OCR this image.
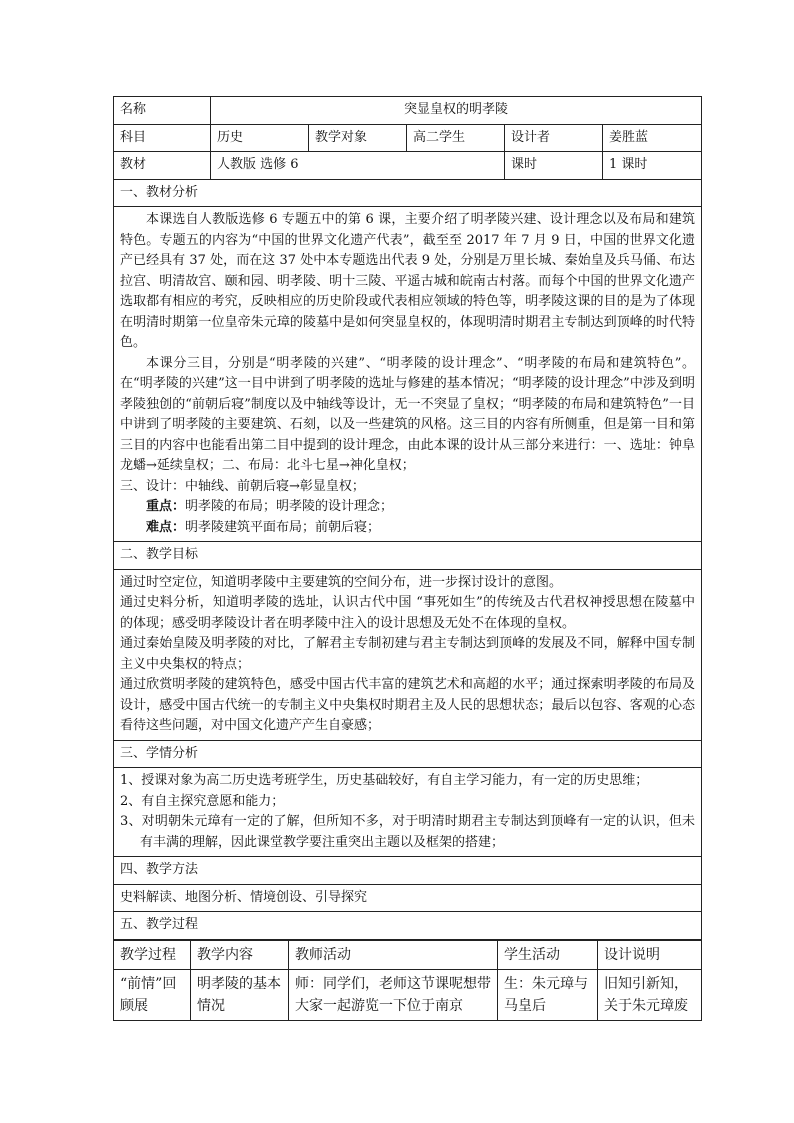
名称	突显皇权的明孝陵				
科目	历史	教学对象	高二学生	设计者	姜胜蓝
教材	人教版 选修 6			课时	1 课时
一、教材分析					

本课选自人教版选修 6 专题五中的第 6 课，主要介绍了明孝陵兴建、设计理念以及布局和建筑特色。专题五的内容为“中国的世界文化遗产代表”，截至至 2017 年 7 月 9 日，中国的世界文化遗产已经具有 37 处，而在这 37 处中本专题选出代表 9 处，分别是万里长城、秦始皇及兵马俑、布达拉宫、明清故宫、颐和园、明孝陵、明十三陵、平遥古城和皖南古村落。而每个中国的世界文化遗产选取都有相应的考究，反映相应的历史阶段或代表相应领域的特色等，明孝陵这课的目的是为了体现在明清时期第一位皇帝朱元璋的陵墓中是如何突显皇权的，体现明清时期君主专制达到顶峰的时代特色。

本课分三目，分别是“明孝陵的兴建”、“明孝陵的设计理念”、“明孝陵的布局和建筑特色”。在“明孝陵的兴建”这一目中讲到了明孝陵的选址与修建的基本情况；“明孝陵的设计理念”中涉及到明孝陵独创的“前朝后寝”制度以及中轴线等设计，无一不突显了皇权；“明孝陵的布局和建筑特色”一目中讲到了明孝陵的主要建筑、石刻，以及一些建筑的风格。这三目的内容有所侧重，但是第一目和第三目的内容中也能看出第二目中提到的设计理念，由此本课的设计从三部分来进行：一、选址：钟阜龙蟠→延续皇权；二、布局：北斗七星→神化皇权；

三、设计：中轴线、前朝后寝→彰显皇权；

重点：明孝陵的布局；明孝陵的设计理念；

难点：明孝陵建筑平面布局；前朝后寝；					

二、教学目标					

通过时空定位，知道明孝陵中主要建筑的空间分布，进一步探讨设计的意图。

通过史料分析，知道明孝陵的选址，认识古代中国 “事死如生”的传统及古代君权神授思想在陵墓中的体现；感受明孝陵设计者在明孝陵中注入的设计思想及无处不在体现的皇权。

通过秦始皇陵及明孝陵的对比，了解君主专制初建与君主专制达到顶峰的发展及不同，解释中国专制主义中央集权的特点；

通过欣赏明孝陵的建筑特色，感受中国古代丰富的建筑艺术和高超的水平；通过探索明孝陵的布局及设计，感受中国古代统一的专制主义中央集权时期君主及人民的思想状态；最后以包容、客观的心态看待这些问题，对中国文化遗产产生自豪感；					

三、学情分析					

1、授课对象为高二历史选考班学生，历史基础较好，有自主学习能力，有一定的历史思维；

2、有自主探究意愿和能力；

3、对明朝朱元璋有一定的了解，但所知不多，对于明清时期君主专制达到顶峰有一定的认识，但未有丰满的理解，因此课堂教学要注重突出主题以及框架的搭建；					

四、教学方法					
史料解读、地图分析、情境创设、引导探究					
五、教学过程					
教学过程	教学内容	教师活动	学生活动	设计说明
“前情”回顾展	明孝陵的基本情况	师：同学们，老师这节课呢想带大家一起游览一下位于南京	生：朱元璋与马皇后	旧知引新知，关于朱元璋废
